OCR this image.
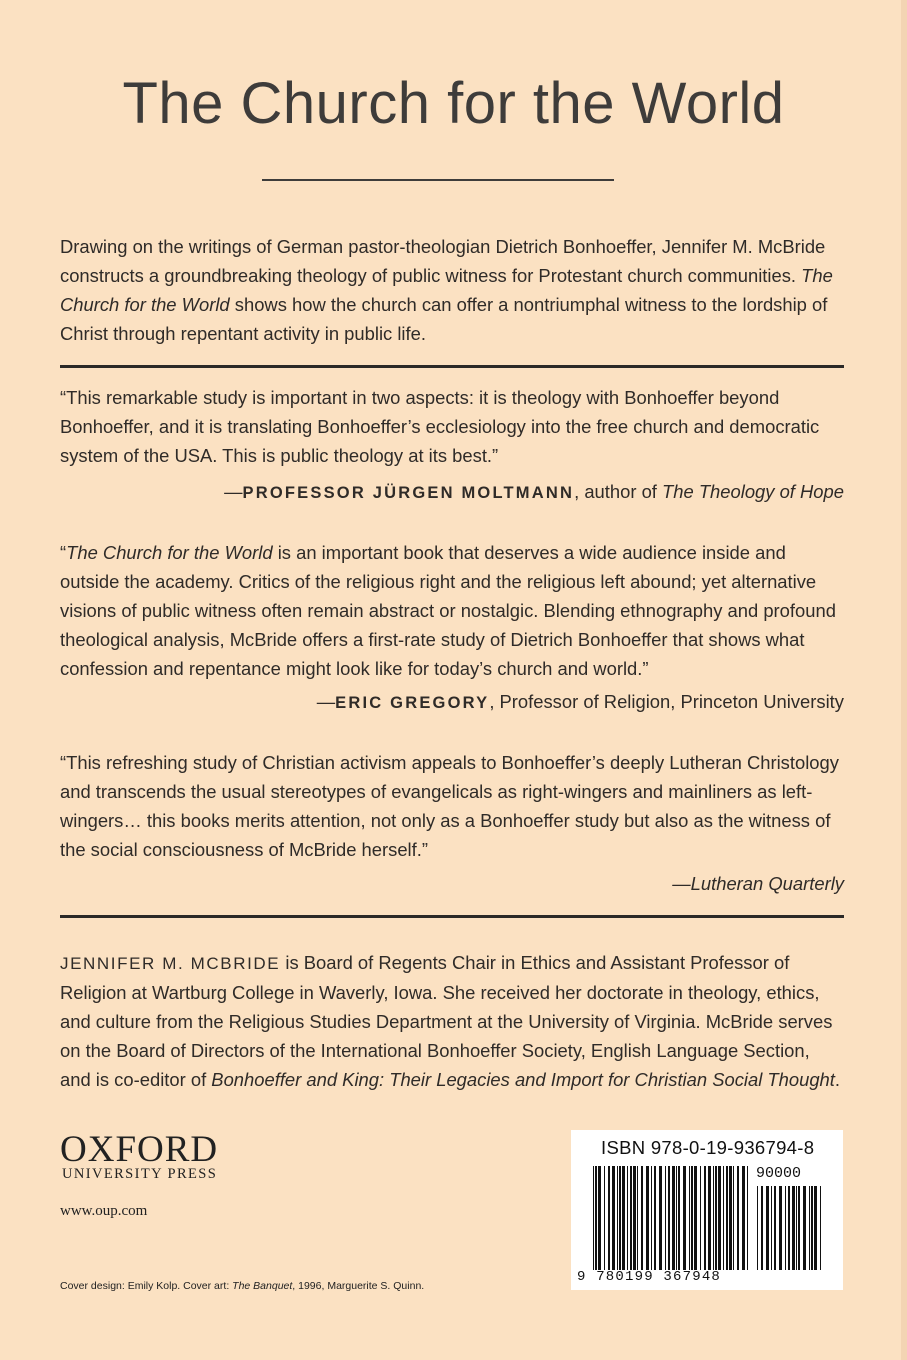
The Church for the World

Drawing on the writings of German pastor-theologian Dietrich Bonhoeffer, Jennifer M. McBride constructs a groundbreaking theology of public witness for Protestant church communities. The Church for the World shows how the church can offer a nontriumphal witness to the lordship of Christ through repentant activity in public life.

“This remarkable study is important in two aspects: it is theology with Bonhoeffer beyond Bonhoeffer, and it is translating Bonhoeffer’s ecclesiology into the free church and democratic system of the USA. This is public theology at its best.”

—PROFESSOR JÜRGEN MOLTMANN, author of The Theology of Hope

“The Church for the World is an important book that deserves a wide audience inside and outside the academy. Critics of the religious right and the religious left abound; yet alternative visions of public witness often remain abstract or nostalgic. Blending ethnography and profound theological analysis, McBride offers a first-rate study of Dietrich Bonhoeffer that shows what confession and repentance might look like for today’s church and world.”

—ERIC GREGORY, Professor of Religion, Princeton University

“This refreshing study of Christian activism appeals to Bonhoeffer’s deeply Lutheran Christology and transcends the usual stereotypes of evangelicals as right-wingers and mainliners as left-wingers… this books merits attention, not only as a Bonhoeffer study but also as the witness of the social consciousness of McBride herself.”

—Lutheran Quarterly

JENNIFER M. MCBRIDE is Board of Regents Chair in Ethics and Assistant Professor of Religion at Wartburg College in Waverly, Iowa. She received her doctorate in theology, ethics, and culture from the Religious Studies Department at the University of Virginia. McBride serves on the Board of Directors of the International Bonhoeffer Society, English Language Section, and is co-editor of Bonhoeffer and King: Their Legacies and Import for Christian Social Thought.

OXFORD
UNIVERSITY PRESS
www.oup.com
Cover design: Emily Kolp. Cover art: The Banquet, 1996, Marguerite S. Quinn.
ISBN 978-0-19-936794-8
90000
9 780199 367948
